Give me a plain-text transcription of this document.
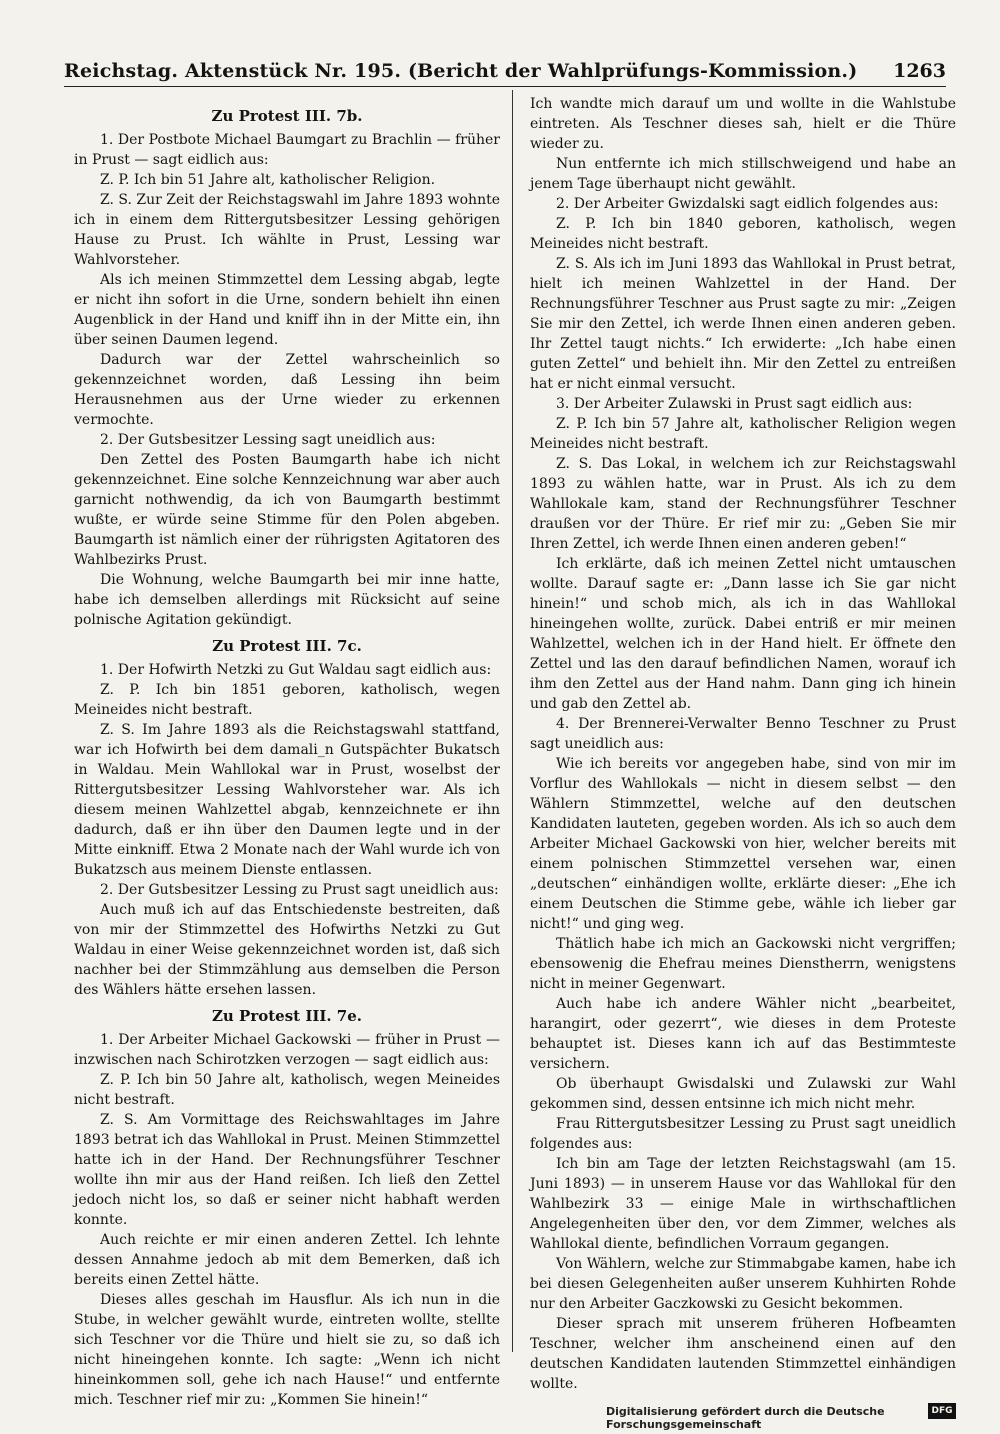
Reichstag. Aktenstück Nr. 195. (Bericht der Wahlprüfungs-Kommission.) 1263
Zu Protest III. 7b.

1. Der Postbote Michael Baumgart zu Brachlin — früher in Prust — sagt eidlich aus:

Z. P. Ich bin 51 Jahre alt, katholischer Religion.

Z. S. Zur Zeit der Reichstagswahl im Jahre 1893 wohnte ich in einem dem Rittergutsbesitzer Lessing gehörigen Hause zu Prust. Ich wählte in Prust, Lessing war Wahlvorsteher.

Als ich meinen Stimmzettel dem Lessing abgab, legte er nicht ihn sofort in die Urne, sondern behielt ihn einen Augenblick in der Hand und kniff ihn in der Mitte ein, ihn über seinen Daumen legend.

Dadurch war der Zettel wahrscheinlich so gekennzeichnet worden, daß Lessing ihn beim Herausnehmen aus der Urne wieder zu erkennen vermochte.

2. Der Gutsbesitzer Lessing sagt uneidlich aus:

Den Zettel des Posten Baumgarth habe ich nicht gekennzeichnet. Eine solche Kennzeichnung war aber auch garnicht nothwendig, da ich von Baumgarth bestimmt wußte, er würde seine Stimme für den Polen abgeben. Baumgarth ist nämlich einer der rührigsten Agitatoren des Wahlbezirks Prust.

Die Wohnung, welche Baumgarth bei mir inne hatte, habe ich demselben allerdings mit Rücksicht auf seine polnische Agitation gekündigt.

Zu Protest III. 7c.

1. Der Hofwirth Netzki zu Gut Waldau sagt eidlich aus:

Z. P. Ich bin 1851 geboren, katholisch, wegen Meineides nicht bestraft.

Z. S. Im Jahre 1893 als die Reichstagswahl stattfand, war ich Hofwirth bei dem damali_n Gutspächter Bukatsch in Waldau. Mein Wahllokal war in Prust, woselbst der Rittergutsbesitzer Lessing Wahlvorsteher war. Als ich diesem meinen Wahlzettel abgab, kennzeichnete er ihn dadurch, daß er ihn über den Daumen legte und in der Mitte einkniff. Etwa 2 Monate nach der Wahl wurde ich von Bukatzsch aus meinem Dienste entlassen.

2. Der Gutsbesitzer Lessing zu Prust sagt uneidlich aus:

Auch muß ich auf das Entschiedenste bestreiten, daß von mir der Stimmzettel des Hofwirths Netzki zu Gut Waldau in einer Weise gekennzeichnet worden ist, daß sich nachher bei der Stimmzählung aus demselben die Person des Wählers hätte ersehen lassen.

Zu Protest III. 7e.

1. Der Arbeiter Michael Gackowski — früher in Prust — inzwischen nach Schirotzken verzogen — sagt eidlich aus:

Z. P. Ich bin 50 Jahre alt, katholisch, wegen Meineides nicht bestraft.

Z. S. Am Vormittage des Reichswahltages im Jahre 1893 betrat ich das Wahllokal in Prust. Meinen Stimmzettel hatte ich in der Hand. Der Rechnungsführer Teschner wollte ihn mir aus der Hand reißen. Ich ließ den Zettel jedoch nicht los, so daß er seiner nicht habhaft werden konnte.

Auch reichte er mir einen anderen Zettel. Ich lehnte dessen Annahme jedoch ab mit dem Bemerken, daß ich bereits einen Zettel hätte.

Dieses alles geschah im Hausflur. Als ich nun in die Stube, in welcher gewählt wurde, eintreten wollte, stellte sich Teschner vor die Thüre und hielt sie zu, so daß ich nicht hineingehen konnte. Ich sagte: „Wenn ich nicht hineinkommen soll, gehe ich nach Hause!“ und entfernte mich. Teschner rief mir zu: „Kommen Sie hinein!“

Ich wandte mich darauf um und wollte in die Wahlstube eintreten. Als Teschner dieses sah, hielt er die Thüre wieder zu.

Nun entfernte ich mich stillschweigend und habe an jenem Tage überhaupt nicht gewählt.

2. Der Arbeiter Gwizdalski sagt eidlich folgendes aus:

Z. P. Ich bin 1840 geboren, katholisch, wegen Meineides nicht bestraft.

Z. S. Als ich im Juni 1893 das Wahllokal in Prust betrat, hielt ich meinen Wahlzettel in der Hand. Der Rechnungsführer Teschner aus Prust sagte zu mir: „Zeigen Sie mir den Zettel, ich werde Ihnen einen anderen geben. Ihr Zettel taugt nichts.“ Ich erwiderte: „Ich habe einen guten Zettel“ und behielt ihn. Mir den Zettel zu entreißen hat er nicht einmal versucht.

3. Der Arbeiter Zulawski in Prust sagt eidlich aus:

Z. P. Ich bin 57 Jahre alt, katholischer Religion wegen Meineides nicht bestraft.

Z. S. Das Lokal, in welchem ich zur Reichstagswahl 1893 zu wählen hatte, war in Prust. Als ich zu dem Wahllokale kam, stand der Rechnungsführer Teschner draußen vor der Thüre. Er rief mir zu: „Geben Sie mir Ihren Zettel, ich werde Ihnen einen anderen geben!“

Ich erklärte, daß ich meinen Zettel nicht umtauschen wollte. Darauf sagte er: „Dann lasse ich Sie gar nicht hinein!“ und schob mich, als ich in das Wahllokal hineingehen wollte, zurück. Dabei entriß er mir meinen Wahlzettel, welchen ich in der Hand hielt. Er öffnete den Zettel und las den darauf befindlichen Namen, worauf ich ihm den Zettel aus der Hand nahm. Dann ging ich hinein und gab den Zettel ab.

4. Der Brennerei-Verwalter Benno Teschner zu Prust sagt uneidlich aus:

Wie ich bereits vor angegeben habe, sind von mir im Vorflur des Wahllokals — nicht in diesem selbst — den Wählern Stimmzettel, welche auf den deutschen Kandidaten lauteten, gegeben worden. Als ich so auch dem Arbeiter Michael Gackowski von hier, welcher bereits mit einem polnischen Stimmzettel versehen war, einen „deutschen“ einhändigen wollte, erklärte dieser: „Ehe ich einem Deutschen die Stimme gebe, wähle ich lieber gar nicht!“ und ging weg.

Thätlich habe ich mich an Gackowski nicht vergriffen; ebensowenig die Ehefrau meines Dienstherrn, wenigstens nicht in meiner Gegenwart.

Auch habe ich andere Wähler nicht „bearbeitet, harangirt, oder gezerrt“, wie dieses in dem Proteste behauptet ist. Dieses kann ich auf das Bestimmteste versichern.

Ob überhaupt Gwisdalski und Zulawski zur Wahl gekommen sind, dessen entsinne ich mich nicht mehr.

Frau Rittergutsbesitzer Lessing zu Prust sagt uneidlich folgendes aus:

Ich bin am Tage der letzten Reichstagswahl (am 15. Juni 1893) — in unserem Hause vor das Wahllokal für den Wahlbezirk 33 — einige Male in wirthschaftlichen Angelegenheiten über den, vor dem Zimmer, welches als Wahllokal diente, befindlichen Vorraum gegangen.

Von Wählern, welche zur Stimmabgabe kamen, habe ich bei diesen Gelegenheiten außer unserem Kuhhirten Rohde nur den Arbeiter Gaczkowski zu Gesicht bekommen.

Dieser sprach mit unserem früheren Hofbeamten Teschner, welcher ihm anscheinend einen auf den deutschen Kandidaten lautenden Stimmzettel einhändigen wollte.

Digitalisierung gefördert durch die Deutsche Forschungsgemeinschaft
DFG
